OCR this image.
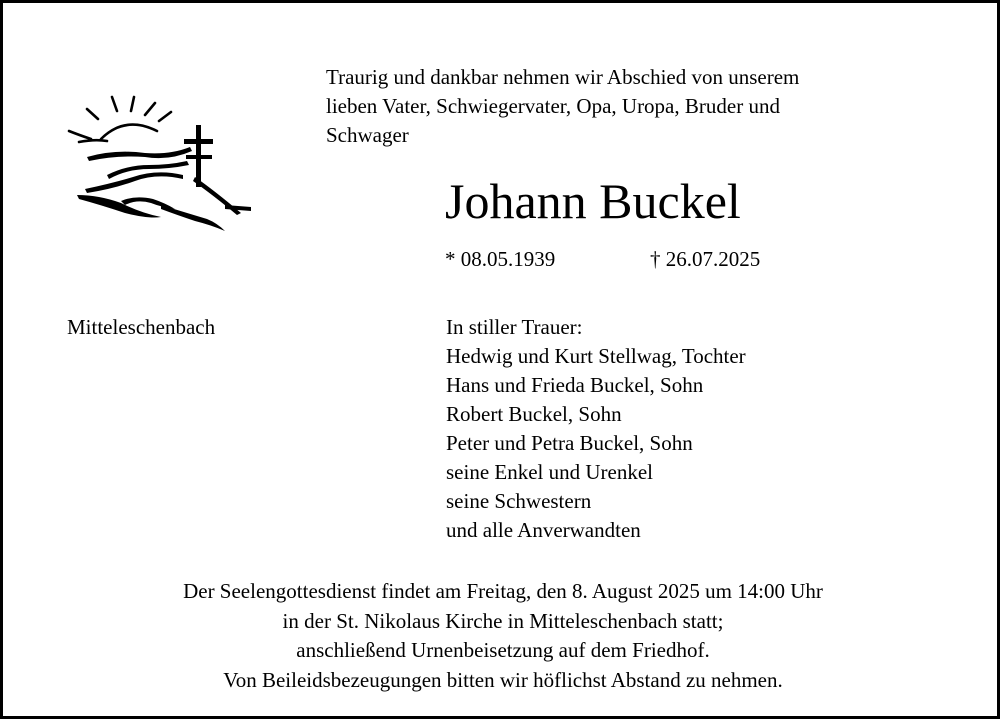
Traurig und dankbar nehmen wir Abschied von unserem
lieben Vater, Schwiegervater, Opa, Uropa, Bruder und
Schwager
Johann Buckel
* 08.05.1939	† 26.07.2025
Mitteleschenbach	In stiller Trauer:
Hedwig und Kurt Stellwag, Tochter
Hans und Frieda Buckel, Sohn
Robert Buckel, Sohn
Peter und Petra Buckel, Sohn
seine Enkel und Urenkel
seine Schwestern
und alle Anverwandten
Der Seelengottesdienst findet am Freitag, den 8. August 2025 um 14:00 Uhr
in der St. Nikolaus Kirche in Mitteleschenbach statt;
anschließend Urnenbeisetzung auf dem Friedhof.
Von Beileidsbezeugungen bitten wir höflichst Abstand zu nehmen.
